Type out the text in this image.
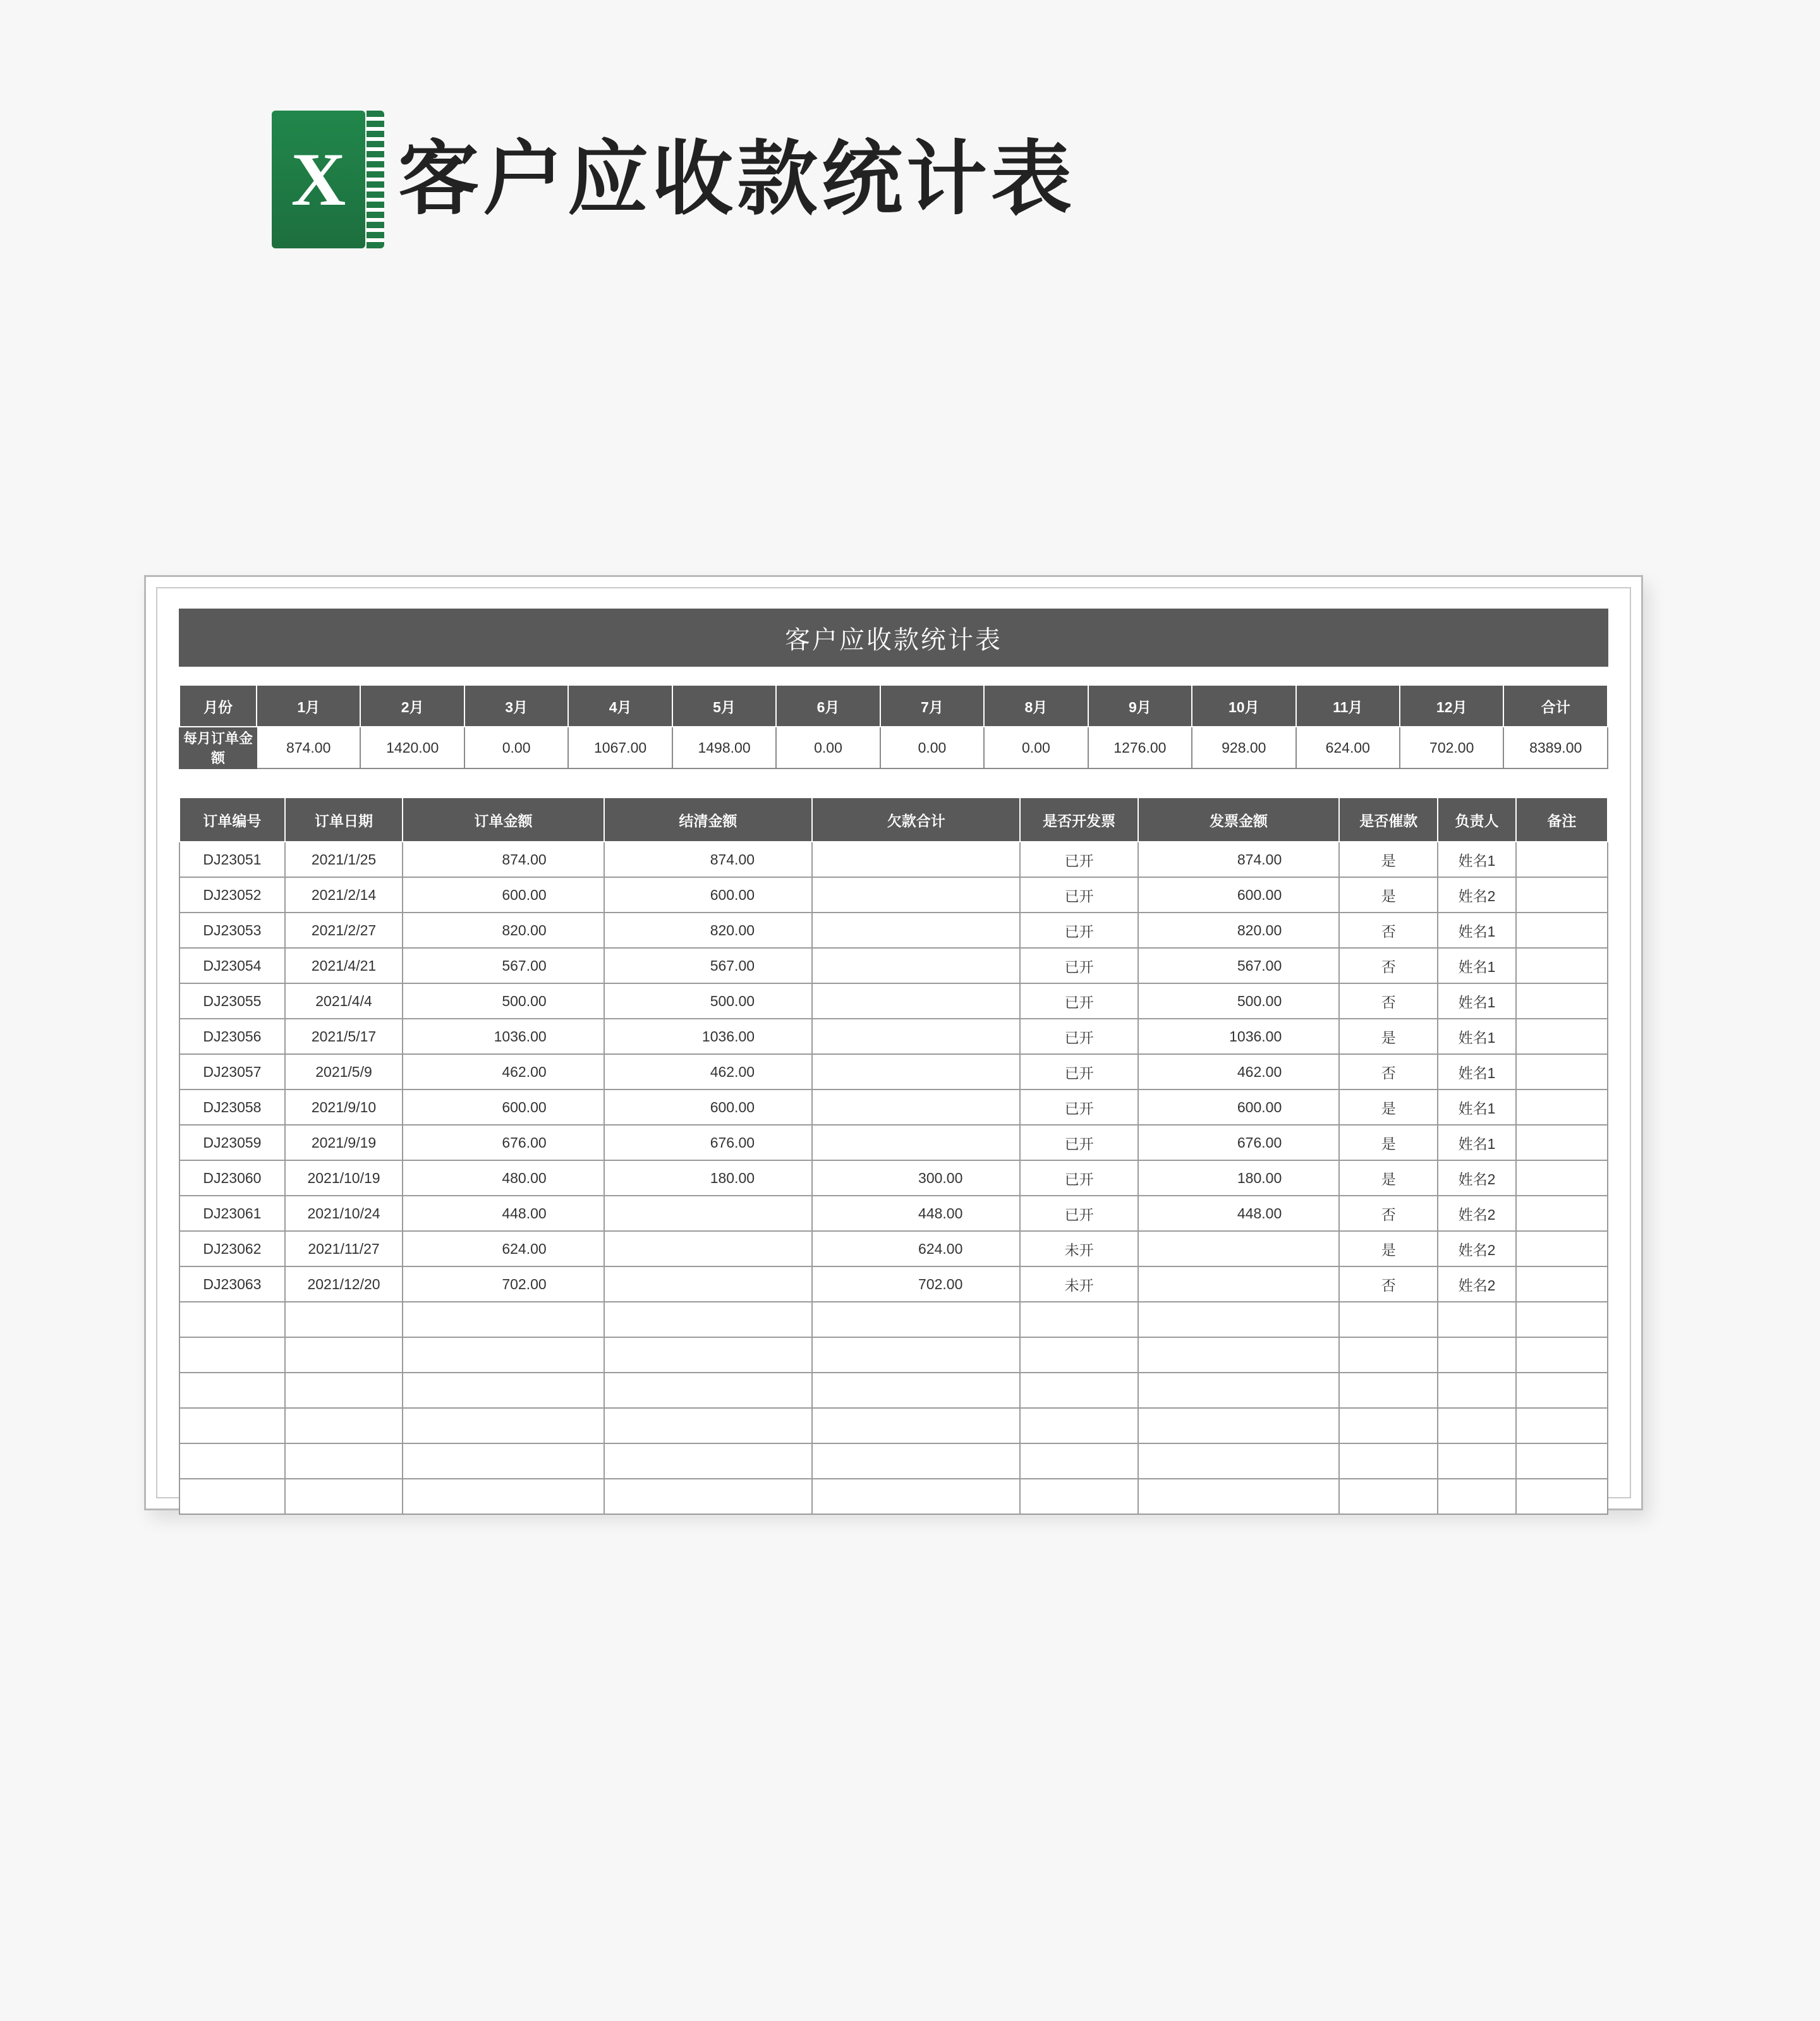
X 客户应收款统计表
客户应收款统计表
月份	1月	2月	3月	4月	5月	6月	7月	8月	9月	10月	11月	12月	合计
每月订单金额	874.00	1420.00	0.00	1067.00	1498.00	0.00	0.00	0.00	1276.00	928.00	624.00	702.00	8389.00
订单编号	订单日期	订单金额	结清金额	欠款合计	是否开发票	发票金额	是否催款	负责人	备注
DJ23051	2021/1/25	874.00	874.00		已开	874.00	是	姓名1	
DJ23052	2021/2/14	600.00	600.00		已开	600.00	是	姓名2	
DJ23053	2021/2/27	820.00	820.00		已开	820.00	否	姓名1	
DJ23054	2021/4/21	567.00	567.00		已开	567.00	否	姓名1	
DJ23055	2021/4/4	500.00	500.00		已开	500.00	否	姓名1	
DJ23056	2021/5/17	1036.00	1036.00		已开	1036.00	是	姓名1	
DJ23057	2021/5/9	462.00	462.00		已开	462.00	否	姓名1	
DJ23058	2021/9/10	600.00	600.00		已开	600.00	是	姓名1	
DJ23059	2021/9/19	676.00	676.00		已开	676.00	是	姓名1	
DJ23060	2021/10/19	480.00	180.00	300.00	已开	180.00	是	姓名2	
DJ23061	2021/10/24	448.00		448.00	已开	448.00	否	姓名2	
DJ23062	2021/11/27	624.00		624.00	未开		是	姓名2	
DJ23063	2021/12/20	702.00		702.00	未开		否	姓名2	
